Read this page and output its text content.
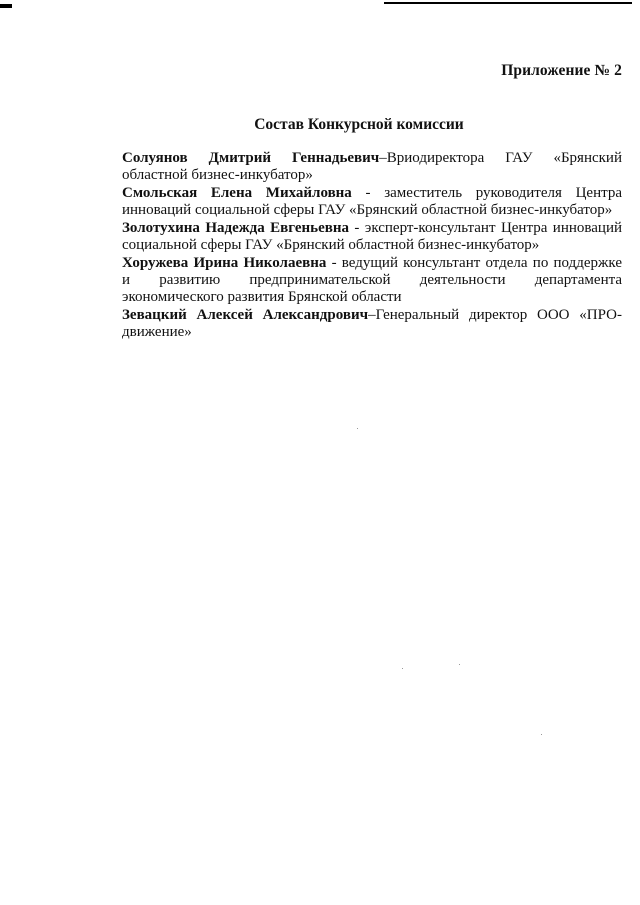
Приложение № 2
Состав Конкурсной комиссии

Солуянов Дмитрий Геннадьевич–Вриодиректора ГАУ «Брянский областной бизнес-инкубатор»

Смольская Елена Михайловна - заместитель руководителя Центра инноваций социальной сферы ГАУ «Брянский областной бизнес-инкубатор»

Золотухина Надежда Евгеньевна - эксперт-консультант Центра инноваций социальной сферы ГАУ «Брянский областной бизнес-инкубатор»

Хоружева Ирина Николаевна - ведущий консультант отдела по поддержке и развитию предпринимательской деятельности департамента экономического развития Брянской области

Зевацкий Алексей Александрович–Генеральный директор ООО «ПРО-движение»
